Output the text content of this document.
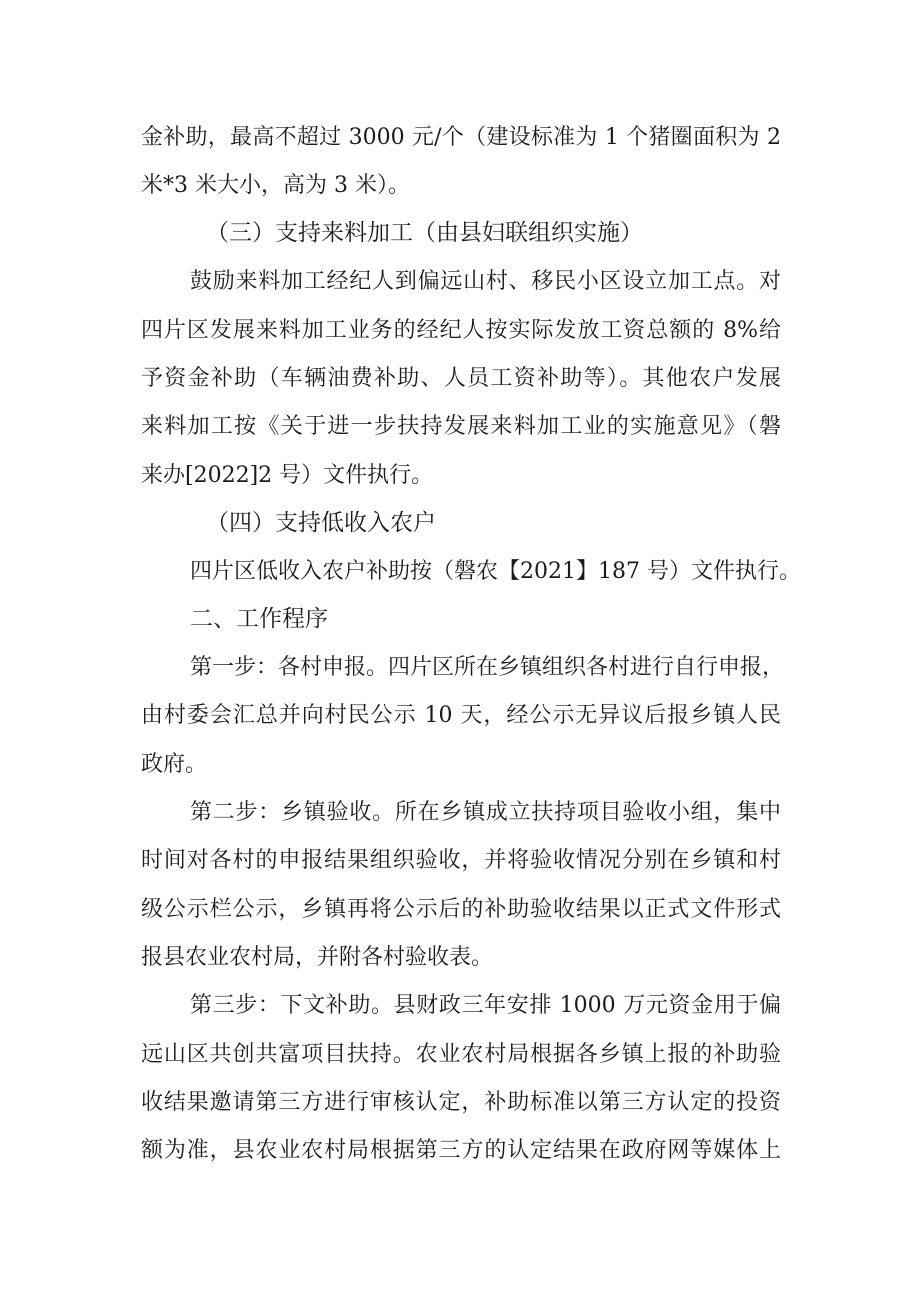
金补助，最高不超过 3000 元/个（建设标准为 1 个猪圈面积为 2
米*3 米大小，高为 3 米）。
（三）支持来料加工（由县妇联组织实施）
鼓励来料加工经纪人到偏远山村、移民小区设立加工点。对
四片区发展来料加工业务的经纪人按实际发放工资总额的 8%给
予资金补助（车辆油费补助、人员工资补助等）。其他农户发展
来料加工按《关于进一步扶持发展来料加工业的实施意见》（磐
来办[2022]2 号）文件执行。
（四）支持低收入农户
四片区低收入农户补助按（磐农【2021】187 号）文件执行。
二、工作程序
第一步：各村申报。四片区所在乡镇组织各村进行自行申报，
由村委会汇总并向村民公示 10 天，经公示无异议后报乡镇人民
政府。
第二步：乡镇验收。所在乡镇成立扶持项目验收小组，集中
时间对各村的申报结果组织验收，并将验收情况分别在乡镇和村
级公示栏公示，乡镇再将公示后的补助验收结果以正式文件形式
报县农业农村局，并附各村验收表。
第三步：下文补助。县财政三年安排 1000 万元资金用于偏
远山区共创共富项目扶持。农业农村局根据各乡镇上报的补助验
收结果邀请第三方进行审核认定，补助标准以第三方认定的投资
额为准，县农业农村局根据第三方的认定结果在政府网等媒体上
